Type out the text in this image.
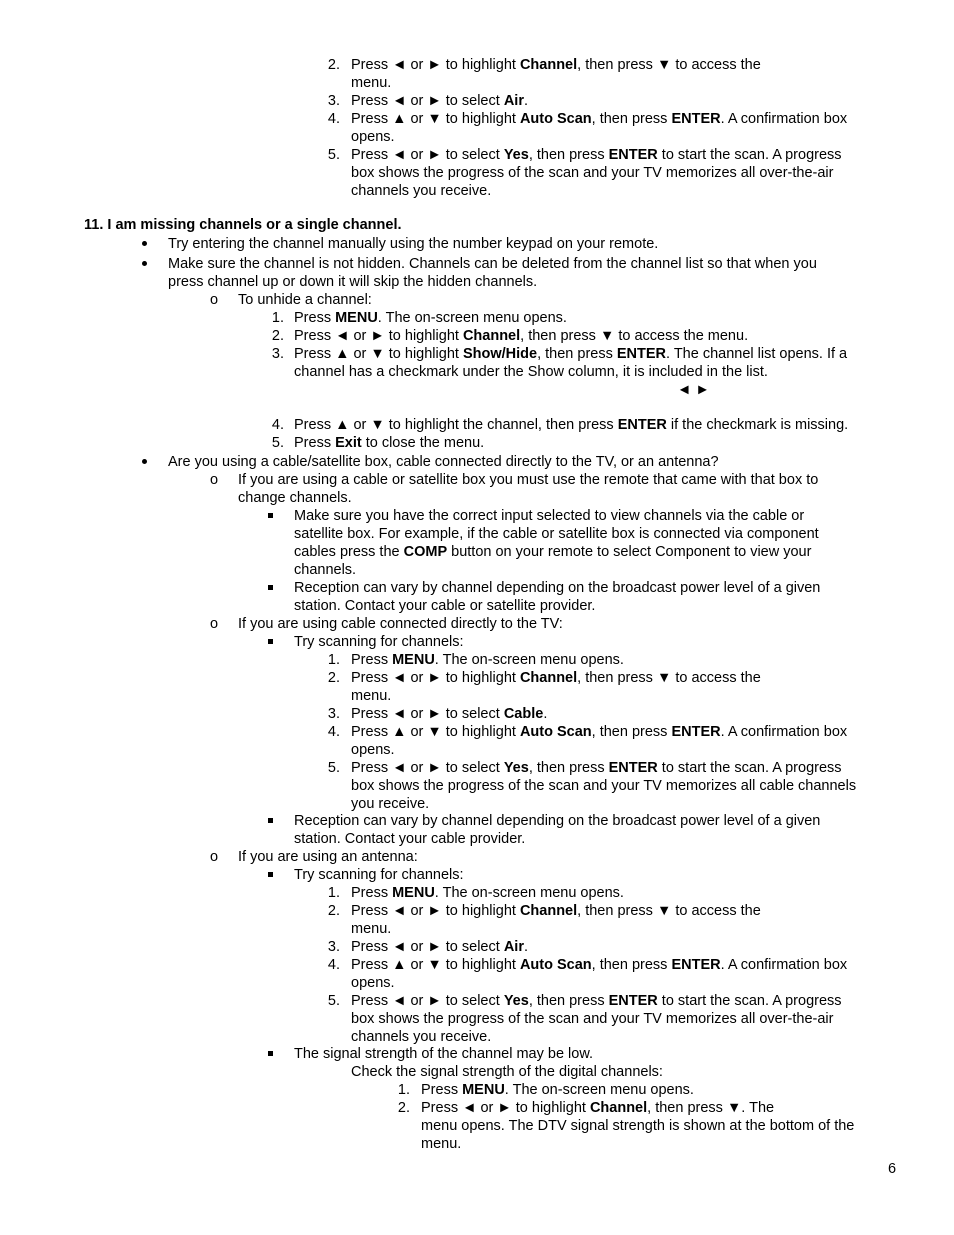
2. Press ◄ or ► to highlight Channel, then press ▼ to access the
menu.
3. Press ◄ or ► to select Air.
4. Press ▲ or ▼ to highlight Auto Scan, then press ENTER. A confirmation box
opens.
5. Press ◄ or ► to select Yes, then press ENTER to start the scan. A progress
box shows the progress of the scan and your TV memorizes all over-the-air
channels you receive.
11. I am missing channels or a single channel.
Try entering the channel manually using the number keypad on your remote.
Make sure the channel is not hidden. Channels can be deleted from the channel list so that when you
press channel up or down it will skip the hidden channels.
o To unhide a channel:
1. Press MENU. The on-screen menu opens.
2. Press ◄ or ► to highlight Channel, then press ▼ to access the menu.
3. Press ▲ or ▼ to highlight Show/Hide, then press ENTER. The channel list opens. If a
channel has a checkmark under the Show column, it is included in the list.
◄ ►
4. Press ▲ or ▼ to highlight the channel, then press ENTER if the checkmark is missing.
5. Press Exit to close the menu.
Are you using a cable/satellite box, cable connected directly to the TV, or an antenna?
o If you are using a cable or satellite box you must use the remote that came with that box to
change channels.
Make sure you have the correct input selected to view channels via the cable or
satellite box. For example, if the cable or satellite box is connected via component
cables press the COMP button on your remote to select Component to view your
channels.
Reception can vary by channel depending on the broadcast power level of a given
station. Contact your cable or satellite provider.
o If you are using cable connected directly to the TV:
Try scanning for channels:
1. Press MENU. The on-screen menu opens.
2. Press ◄ or ► to highlight Channel, then press ▼ to access the
menu.
3. Press ◄ or ► to select Cable.
4. Press ▲ or ▼ to highlight Auto Scan, then press ENTER. A confirmation box
opens.
5. Press ◄ or ► to select Yes, then press ENTER to start the scan. A progress
box shows the progress of the scan and your TV memorizes all cable channels
you receive.
Reception can vary by channel depending on the broadcast power level of a given
station. Contact your cable provider.
o If you are using an antenna:
Try scanning for channels:
1. Press MENU. The on-screen menu opens.
2. Press ◄ or ► to highlight Channel, then press ▼ to access the
menu.
3. Press ◄ or ► to select Air.
4. Press ▲ or ▼ to highlight Auto Scan, then press ENTER. A confirmation box
opens.
5. Press ◄ or ► to select Yes, then press ENTER to start the scan. A progress
box shows the progress of the scan and your TV memorizes all over-the-air
channels you receive.
The signal strength of the channel may be low.
Check the signal strength of the digital channels:
1. Press MENU. The on-screen menu opens.
2. Press ◄ or ► to highlight Channel, then press ▼. The
menu opens. The DTV signal strength is shown at the bottom of the
menu.
6
